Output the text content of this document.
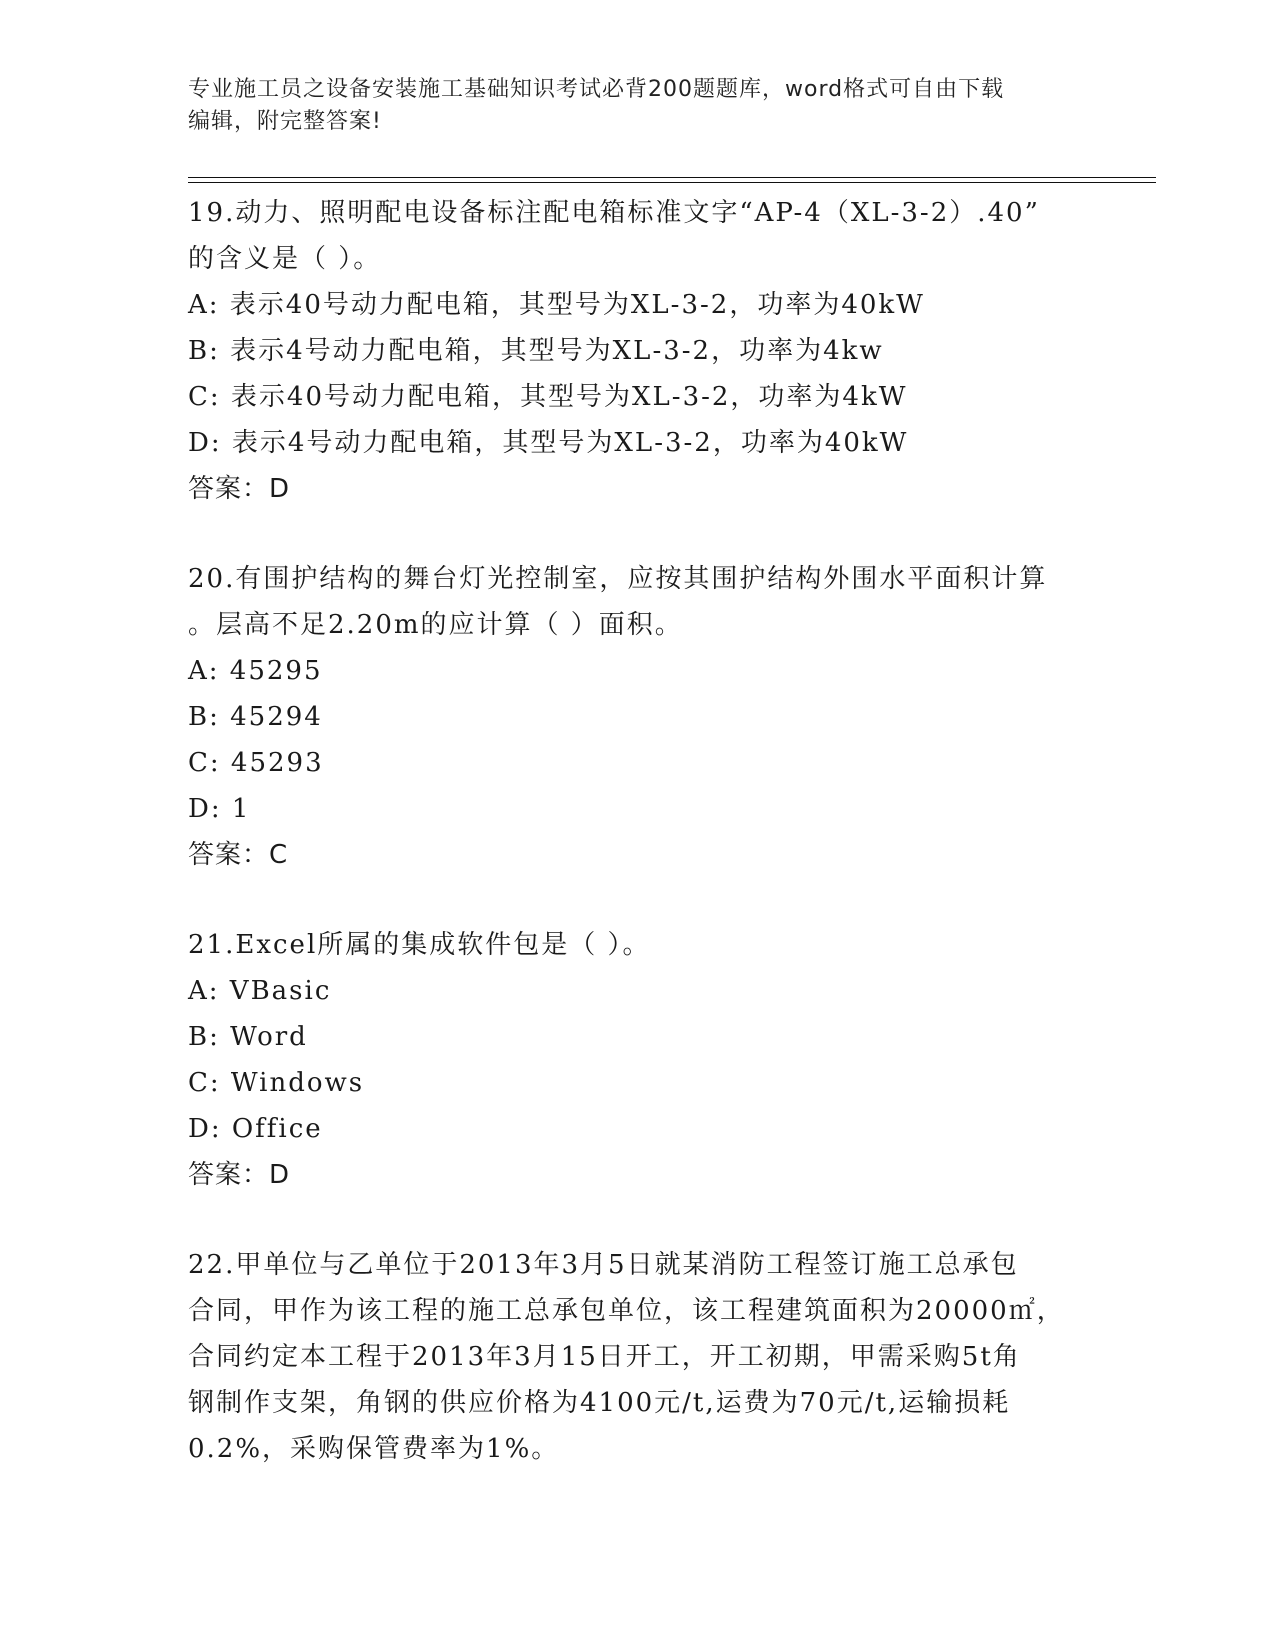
专业施工员之设备安装施工基础知识考试必背200题题库，word格式可自由下载
编辑，附完整答案!
19.动力、照明配电设备标注配电箱标准文字“AP-4（XL-3-2）.40”
的含义是（ ）。
A: 表示40号动力配电箱，其型号为XL-3-2，功率为40kW
B: 表示4号动力配电箱，其型号为XL-3-2，功率为4kw
C: 表示40号动力配电箱，其型号为XL-3-2，功率为4kW
D: 表示4号动力配电箱，其型号为XL-3-2，功率为40kW
答案：D
20.有围护结构的舞台灯光控制室，应按其围护结构外围水平面积计算
。层高不足2.20m的应计算（ ）面积。
A: 45295
B: 45294
C: 45293
D: 1
答案：C
21.Excel所属的集成软件包是（ ）。
A: VBasic
B: Word
C: Windows
D: Office
答案：D
22.甲单位与乙单位于2013年3月5日就某消防工程签订施工总承包
合同，甲作为该工程的施工总承包单位，该工程建筑面积为20000㎡，
合同约定本工程于2013年3月15日开工，开工初期，甲需采购5t角
钢制作支架，角钢的供应价格为4100元/t,运费为70元/t,运输损耗
0.2%，采购保管费率为1%。
